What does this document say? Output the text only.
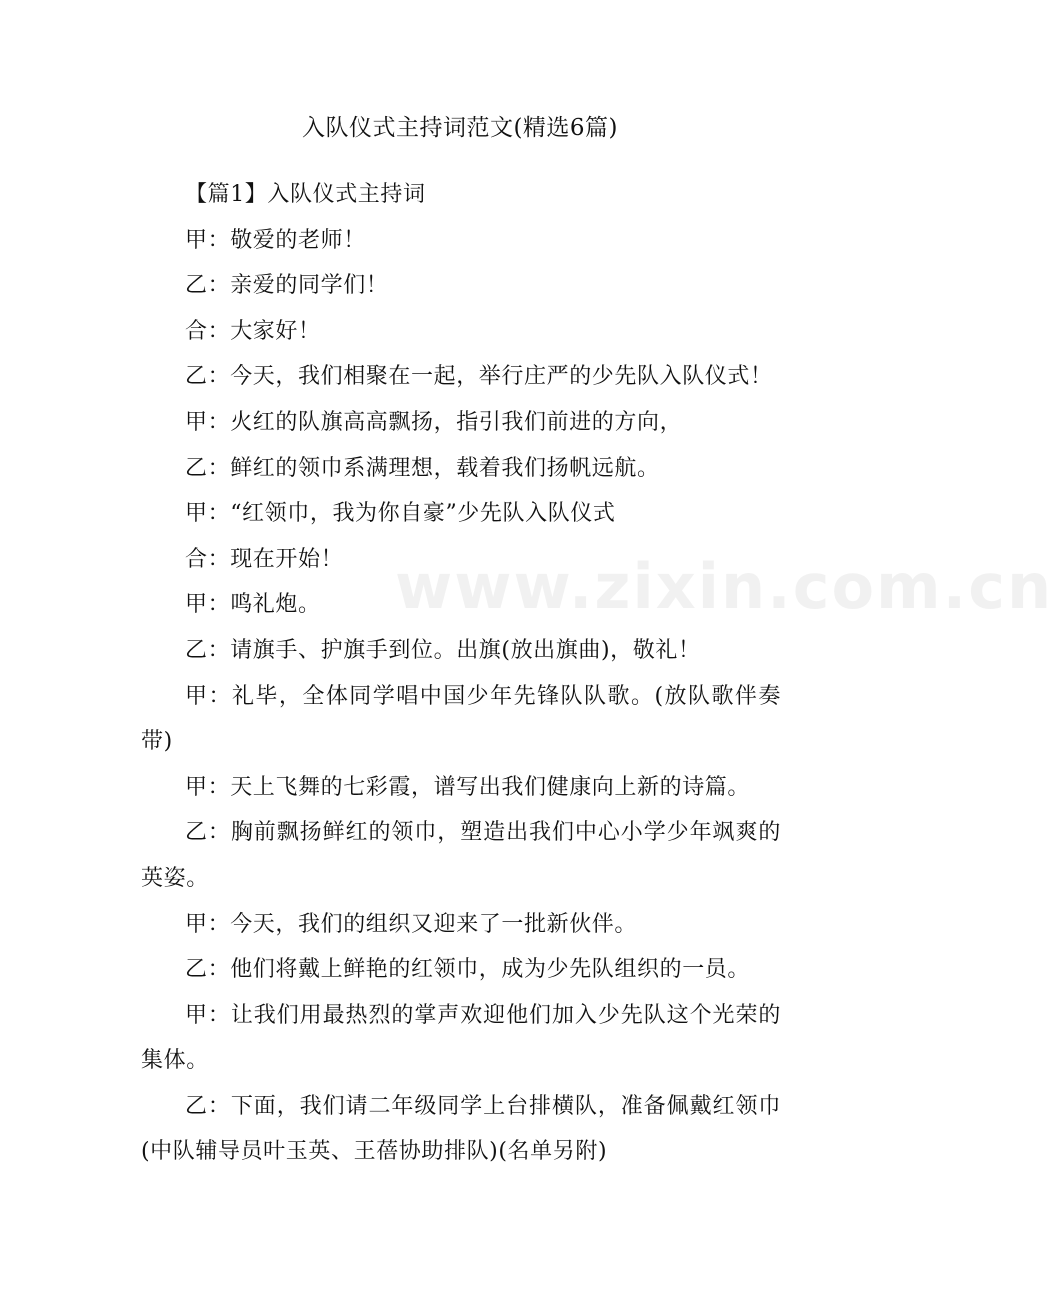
www.zixin.com.cn
入队仪式主持词范文(精选6篇)

【篇1】入队仪式主持词

甲：敬爱的老师！

乙：亲爱的同学们！

合：大家好！

乙：今天，我们相聚在一起，举行庄严的少先队入队仪式！

甲：火红的队旗高高飘扬，指引我们前进的方向，

乙：鲜红的领巾系满理想，载着我们扬帆远航。

甲：“红领巾，我为你自豪”少先队入队仪式

合：现在开始！

甲：鸣礼炮。

乙：请旗手、护旗手到位。出旗(放出旗曲)，敬礼！

甲：礼毕，全体同学唱中国少年先锋队队歌。(放队歌伴奏带)

甲：天上飞舞的七彩霞，谱写出我们健康向上新的诗篇。

乙：胸前飘扬鲜红的领巾，塑造出我们中心小学少年飒爽的英姿。

甲：今天，我们的组织又迎来了一批新伙伴。

乙：他们将戴上鲜艳的红领巾，成为少先队组织的一员。

甲：让我们用最热烈的掌声欢迎他们加入少先队这个光荣的集体。

乙：下面，我们请二年级同学上台排横队，准备佩戴红领巾(中队辅导员叶玉英、王蓓协助排队)(名单另附)
